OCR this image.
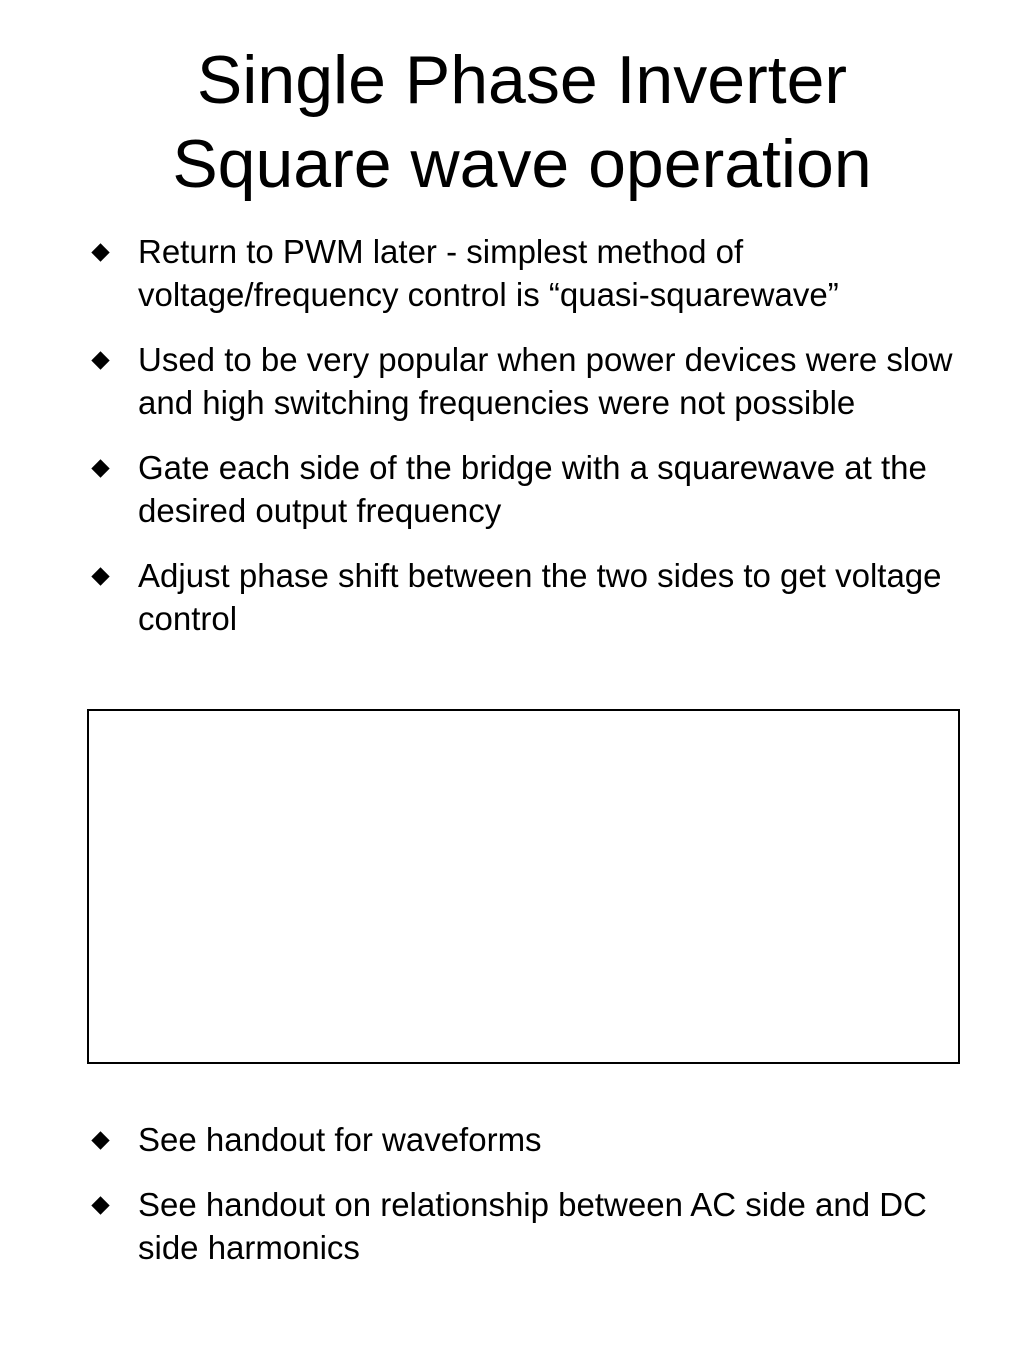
Single Phase Inverter
Square wave operation
Return to PWM later - simplest method of voltage/frequency control is “quasi-squarewave”
Used to be very popular when power devices were slow and high switching frequencies were not possible
Gate each side of the bridge with a squarewave at the desired output frequency
Adjust phase shift between the two sides to get voltage control
See handout for waveforms
See handout on relationship between AC side and DC side harmonics
